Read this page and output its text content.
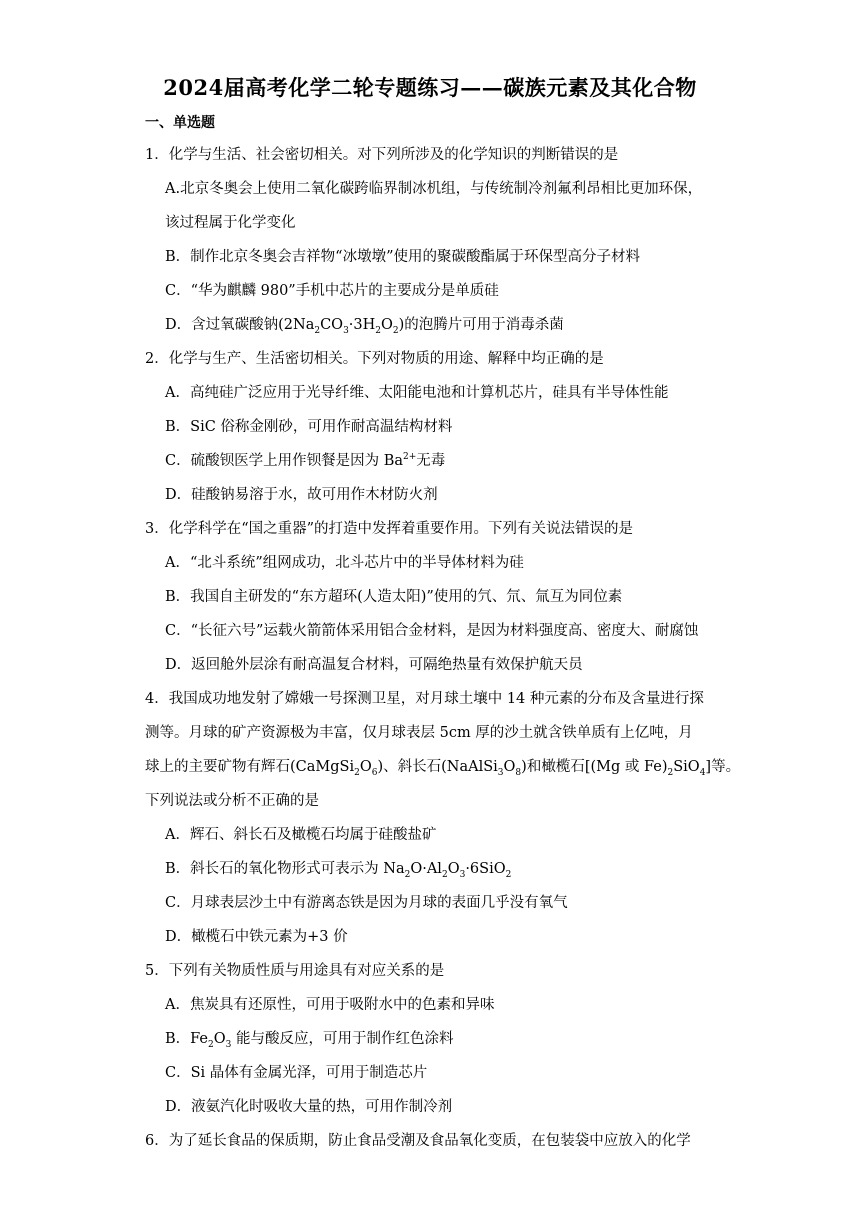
2024届高考化学二轮专题练习——碳族元素及其化合物
一、单选题
1．化学与生活、社会密切相关。对下列所涉及的化学知识的判断错误的是
A.北京冬奥会上使用二氧化碳跨临界制冰机组，与传统制冷剂氟利昂相比更加环保，
该过程属于化学变化
B．制作北京冬奥会吉祥物“冰墩墩”使用的聚碳酸酯属于环保型高分子材料
C．“华为麒麟 980”手机中芯片的主要成分是单质硅
D．含过氧碳酸钠$(2Na_2CO_3\cdot 3H_2O_2)$的泡腾片可用于消毒杀菌
2．化学与生产、生活密切相关。下列对物质的用途、解释中均正确的是
A．高纯硅广泛应用于光导纤维、太阳能电池和计算机芯片，硅具有半导体性能
B．SiC 俗称金刚砂，可用作耐高温结构材料
C．硫酸钡医学上用作钡餐是因为 $Ba^{2+}$无毒
D．硅酸钠易溶于水，故可用作木材防火剂
3．化学科学在“国之重器”的打造中发挥着重要作用。下列有关说法错误的是
A．“北斗系统”组网成功，北斗芯片中的半导体材料为硅
B．我国自主研发的“东方超环(人造太阳)”使用的氕、氘、氚互为同位素
C．“长征六号”运载火箭箭体采用铝合金材料，是因为材料强度高、密度大、耐腐蚀
D．返回舱外层涂有耐高温复合材料，可隔绝热量有效保护航天员
4．我国成功地发射了嫦娥一号探测卫星，对月球土壤中 14 种元素的分布及含量进行探
测等。月球的矿产资源极为丰富，仅月球表层 5cm 厚的沙土就含铁单质有上亿吨，月
球上的主要矿物有辉石$(CaMgSi_2O_6)$、斜长石$(NaAlSi_3O_8)$和橄榄石[(Mg 或 $Fe)_2SiO_4$]等。
下列说法或分析不正确的是
A．辉石、斜长石及橄榄石均属于硅酸盐矿
B．斜长石的氧化物形式可表示为 $Na_2O\cdot Al_2O_3\cdot 6SiO_2$
C．月球表层沙土中有游离态铁是因为月球的表面几乎没有氧气
D．橄榄石中铁元素为+3 价
5．下列有关物质性质与用途具有对应关系的是
A．焦炭具有还原性，可用于吸附水中的色素和异味
B．$Fe_2O_3$ 能与酸反应，可用于制作红色涂料
C．Si 晶体有金属光泽，可用于制造芯片
D．液氨汽化时吸收大量的热，可用作制冷剂
6．为了延长食品的保质期，防止食品受潮及食品氧化变质，在包装袋中应放入的化学
